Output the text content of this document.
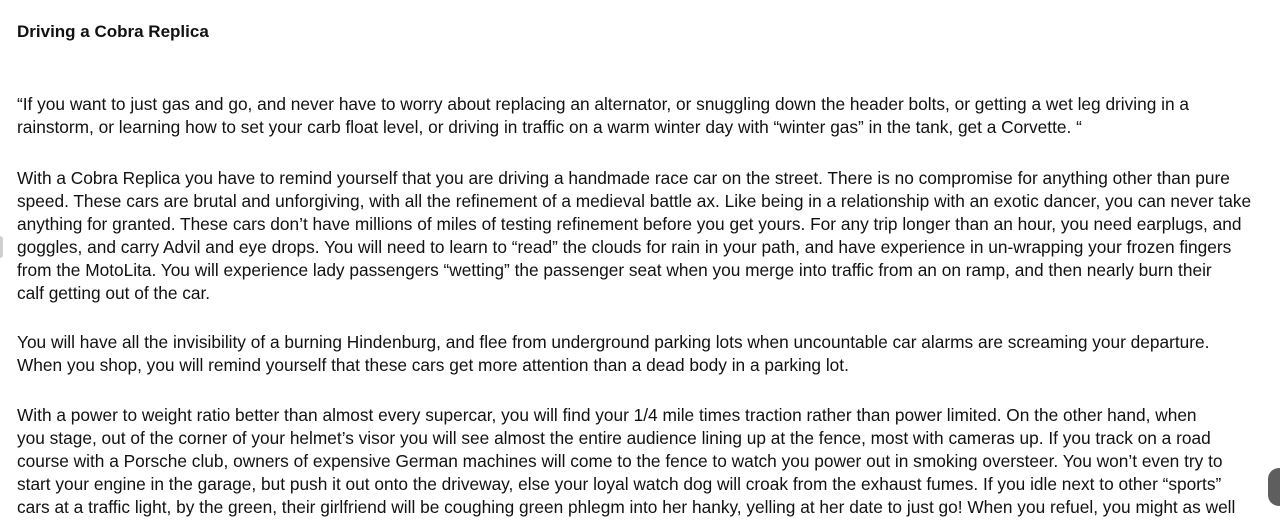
Driving a Cobra Replica

“If you want to just gas and go, and never have to worry about replacing an alternator, or snuggling down the header bolts, or getting a wet leg driving in a
rainstorm, or learning how to set your carb float level, or driving in traffic on a warm winter day with “winter gas” in the tank, get a Corvette. “

With a Cobra Replica you have to remind yourself that you are driving a handmade race car on the street. There is no compromise for anything other than pure
speed. These cars are brutal and unforgiving, with all the refinement of a medieval battle ax. Like being in a relationship with an exotic dancer, you can never take
anything for granted. These cars don’t have millions of miles of testing refinement before you get yours. For any trip longer than an hour, you need earplugs, and
goggles, and carry Advil and eye drops. You will need to learn to “read” the clouds for rain in your path, and have experience in un-wrapping your frozen fingers
from the MotoLita. You will experience lady passengers “wetting” the passenger seat when you merge into traffic from an on ramp, and then nearly burn their
calf getting out of the car.

You will have all the invisibility of a burning Hindenburg, and flee from underground parking lots when uncountable car alarms are screaming your departure.
When you shop, you will remind yourself that these cars get more attention than a dead body in a parking lot.

With a power to weight ratio better than almost every supercar, you will find your 1/4 mile times traction rather than power limited. On the other hand, when
you stage, out of the corner of your helmet’s visor you will see almost the entire audience lining up at the fence, most with cameras up. If you track on a road
course with a Porsche club, owners of expensive German machines will come to the fence to watch you power out in smoking oversteer. You won’t even try to
start your engine in the garage, but push it out onto the driveway, else your loyal watch dog will croak from the exhaust fumes. If you idle next to other “sports”
cars at a traffic light, by the green, their girlfriend will be coughing green phlegm into her hanky, yelling at her date to just go! When you refuel, you might as well
